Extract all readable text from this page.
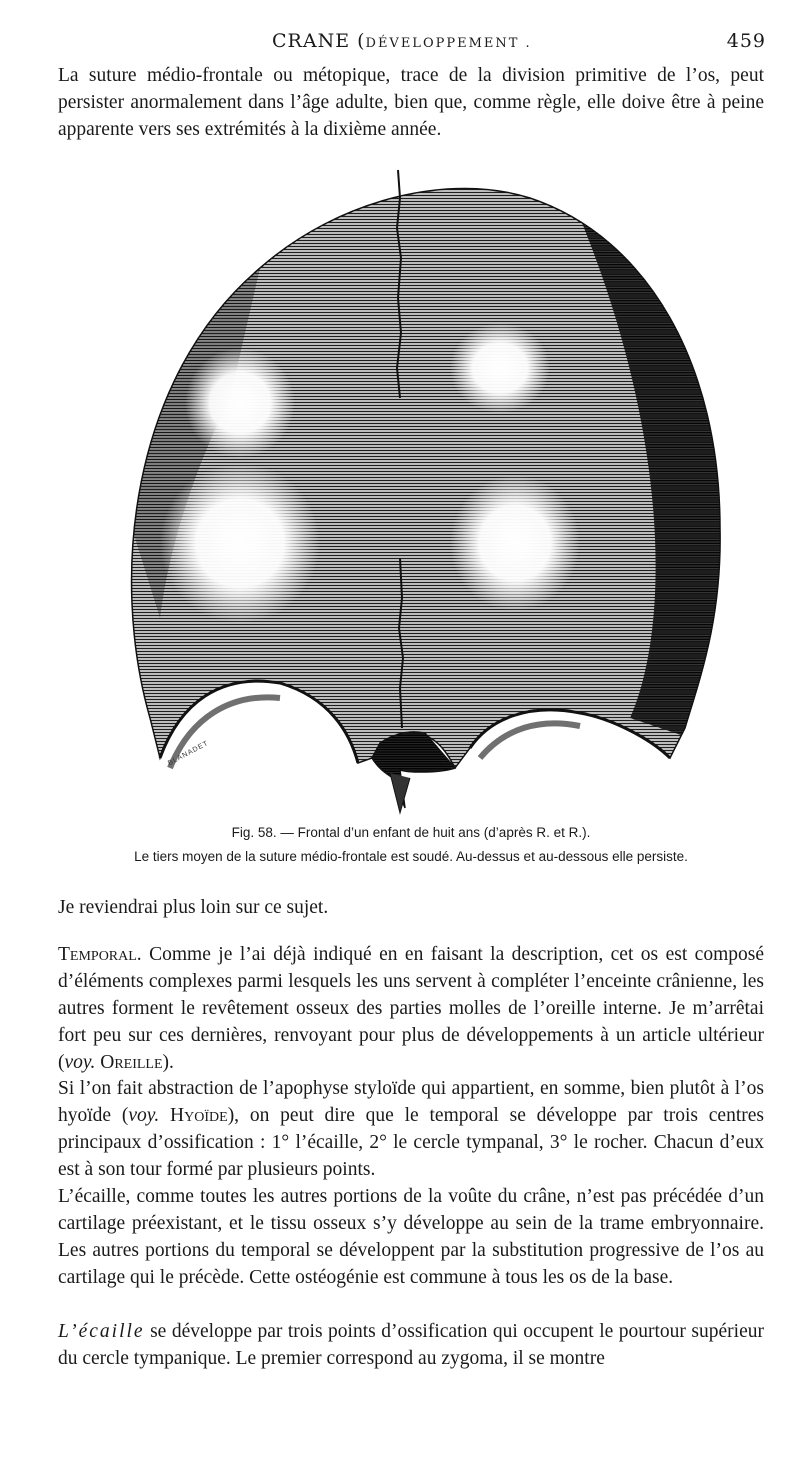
CRANE (DÉVELOPPEMENT .	459
La suture médio-frontale ou métopique, trace de la division primitive de l’os, peut persister anormalement dans l’âge adulte, bien que, comme règle, elle doive être à peine apparente vers ses extrémités à la dixième année.
BLANADET
Fig. 58. — Frontal d’un enfant de huit ans (d’après R. et R.).
Le tiers moyen de la suture médio-frontale est soudé. Au-dessus et au-dessous elle persiste.
Je reviendrai plus loin sur ce sujet.
Temporal. Comme je l’ai déjà indiqué en en faisant la description, cet os est composé d’éléments complexes parmi lesquels les uns servent à compléter l’enceinte crânienne, les autres forment le revêtement osseux des parties molles de l’oreille interne. Je m’arrêtai fort peu sur ces dernières, renvoyant pour plus de développements à un article ultérieur (voy. Oreille).
Si l’on fait abstraction de l’apophyse styloïde qui appartient, en somme, bien plutôt à l’os hyoïde (voy. Hyoïde), on peut dire que le temporal se développe par trois centres principaux d’ossification : 1° l’écaille, 2° le cercle tympanal, 3° le rocher. Chacun d’eux est à son tour formé par plusieurs points.
L’écaille, comme toutes les autres portions de la voûte du crâne, n’est pas précédée d’un cartilage préexistant, et le tissu osseux s’y développe au sein de la trame embryonnaire. Les autres portions du temporal se développent par la substitution progressive de l’os au cartilage qui le précède. Cette ostéogénie est commune à tous les os de la base.
L’écaille se développe par trois points d’ossification qui occupent le pourtour supérieur du cercle tympanique. Le premier correspond au zygoma, il se montre
